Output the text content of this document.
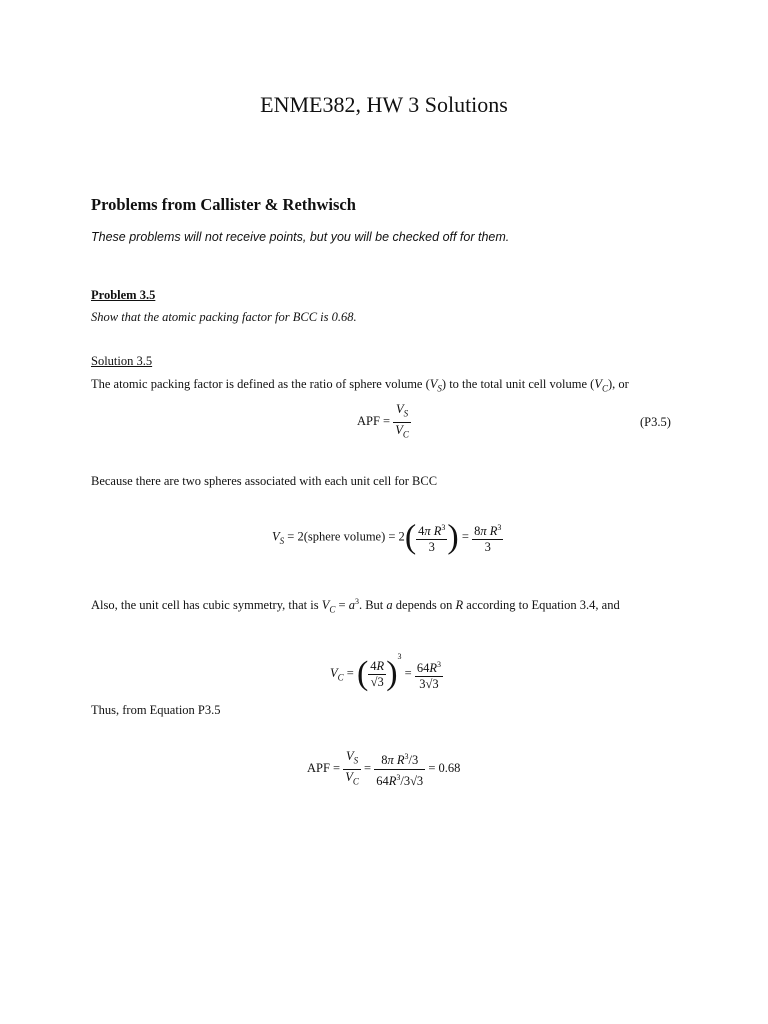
ENME382, HW 3 Solutions
Problems from Callister & Rethwisch
These problems will not receive points, but you will be checked off for them.
Problem 3.5
Show that the atomic packing factor for BCC is 0.68.
Solution 3.5
The atomic packing factor is defined as the ratio of sphere volume $(V_S)$ to the total unit cell volume $(V_C)$, or
APF = $\frac{V_S}{V_C}$	(P3.5)
Because there are two spheres associated with each unit cell for BCC
$V_S$ = 2(sphere volume) = $2( \frac{4\pi R^3}{3}$ ) = $\frac{8\pi R^3}{3}$
Also, the unit cell has cubic symmetry, that is $V_C = a^3$. But a depends on R according to Equation 3.4, and
$V_C$ = ( $\frac{4R}{√3} )^3 = \frac{64R^3}{3√3}$
Thus, from Equation P3.5
APF = $\frac{V_S}{V_C} = \frac{8\pi R^3/3}{64R^3/3√3} = 0.68$
